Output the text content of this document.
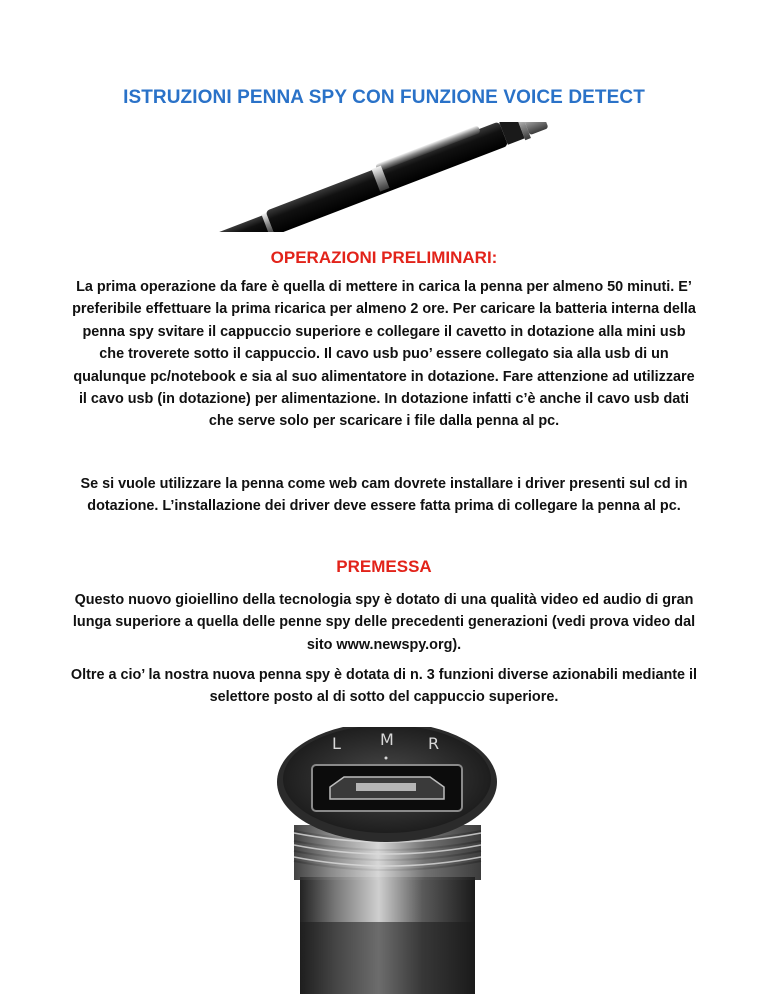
ISTRUZIONI PENNA SPY CON FUNZIONE VOICE DETECT
OPERAZIONI PRELIMINARI:

La prima operazione da fare è quella di mettere in carica la penna per almeno 50 minuti. E’ preferibile effettuare la prima ricarica per almeno 2 ore. Per caricare la batteria interna della penna spy svitare il cappuccio superiore e collegare il cavetto in dotazione alla mini usb che troverete sotto il cappuccio. Il cavo usb puo’ essere collegato sia alla usb di un qualunque pc/notebook e sia al suo alimentatore in dotazione. Fare attenzione ad utilizzare il cavo usb (in dotazione) per alimentazione. In dotazione infatti c’è anche il cavo usb dati che serve solo per scaricare i file dalla penna al pc.

Se si vuole utilizzare la penna come web cam dovrete installare i driver presenti sul cd in dotazione. L’installazione dei driver deve essere fatta prima di collegare la penna al pc.

PREMESSA

Questo nuovo gioiellino della tecnologia spy è dotato di una qualità video ed audio di gran lunga superiore a quella delle penne spy delle precedenti generazioni (vedi prova video dal sito www.newspy.org).

Oltre a cio’ la nostra nuova penna spy è dotata di n. 3 funzioni diverse azionabili mediante il selettore posto al di sotto del cappuccio superiore.

L M R
